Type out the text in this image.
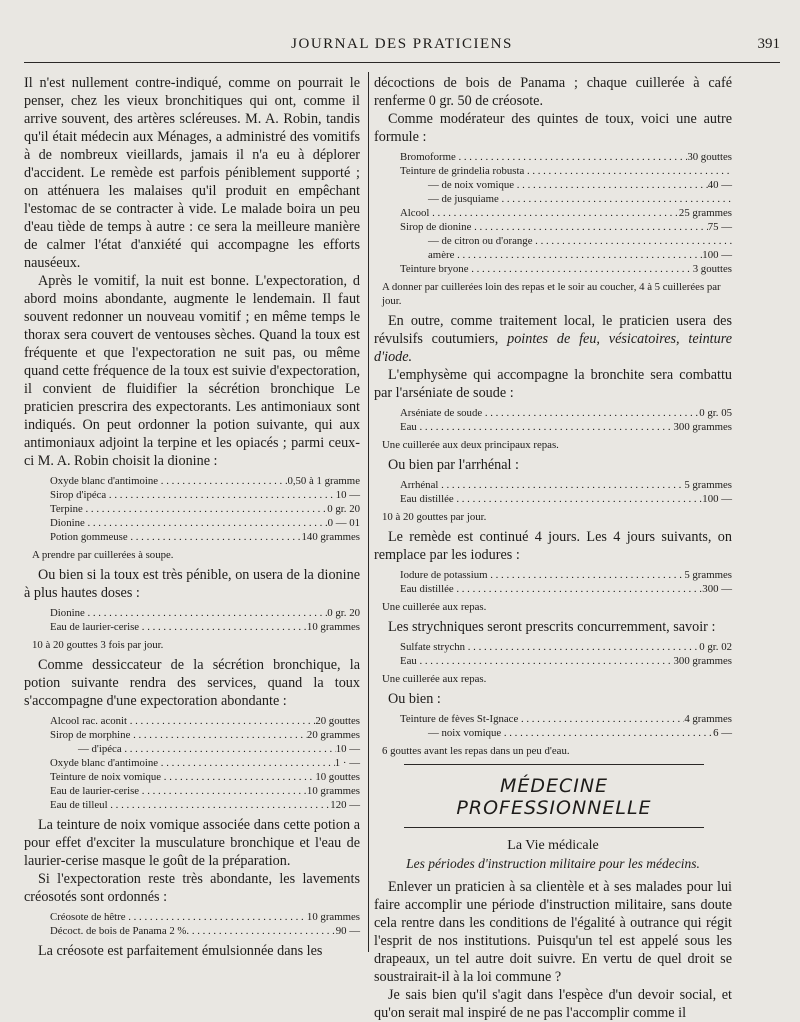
JOURNAL DES PRATICIENS	391

Il n'est nullement contre-indiqué, comme on pourrait le penser, chez les vieux bronchitiques qui ont, comme il arrive souvent, des artères scléreuses. M. A. Robin, tandis qu'il était médecin aux Ménages, a administré des vomitifs à de nombreux vieillards, jamais il n'a eu à déplorer d'accident. Le remède est parfois péniblement supporté ; on atténuera les malaises qu'il produit en empêchant l'estomac de se contracter à vide. Le malade boira un peu d'eau tiède de temps à autre : ce sera la meilleure manière de calmer l'état d'anxiété qui accompagne les efforts nauséeux.

Après le vomitif, la nuit est bonne. L'expectoration, d abord moins abondante, augmente le lendemain. Il faut souvent redonner un nouveau vomitif ; en même temps le thorax sera couvert de ventouses sèches. Quand la toux est fréquente et que l'expectoration ne suit pas, ou même quand cette fréquence de la toux est suivie d'expectoration, il convient de fluidifier la sécrétion bronchique Le praticien prescrira des expectorants. Les antimoniaux sont indiqués. On peut ordonner la potion suivante, qui aux antimoniaux adjoint la terpine et les opiacés ; parmi ceux-ci M. A. Robin choisit la dionine :

Oxyde blanc d'antimoine . . .	0,50 à 1 gramme
Sirop d'ipéca . . .	10 —
Terpine . . .	0 gr. 20
Dionine . . .	0 — 01
Potion gommeuse . . .	140 grammes
A prendre par cuillerées à soupe.

Ou bien si la toux est très pénible, on usera de la dionine à plus hautes doses :

Dionine . . .	0 gr. 20
Eau de laurier-cerise . . .	10 grammes
10 à 20 gouttes 3 fois par jour.

Comme dessiccateur de la sécrétion bronchique, la potion suivante rendra des services, quand la toux s'accompagne d'une expectoration abondante :

Alcool rac. aconit . . .	20 gouttes
Sirop de morphine . . .	20 grammes
— d'ipéca . . .	10 —
Oxyde blanc d'antimoine . . .	1 · —
Teinture de noix vomique . . .	10 gouttes
Eau de laurier-cerise . . .	10 grammes
Eau de tilleul . . .	120 —

La teinture de noix vomique associée dans cette potion a pour effet d'exciter la musculature bronchique et l'eau de laurier-cerise masque le goût de la préparation.

Si l'expectoration reste très abondante, les lavements créosotés sont ordonnés :

Créosote de hêtre . . .	10 grammes
Décoct. de bois de Panama 2 %. . . .	90 —

La créosote est parfaitement émulsionnée dans les

décoctions de bois de Panama ; chaque cuillerée à café renferme 0 gr. 50 de créosote.

Comme modérateur des quintes de toux, voici une autre formule :

Bromoforme . . .	30 gouttes
Teinture de grindelia robusta . . .
— de noix vomique . . .	40 —
— de jusquiame . . .
Alcool . . .	25 grammes
Sirop de dionine . . .	75 —
— de citron ou d'orange . . .
amère . . .	100 —
Teinture bryone . . .	3 gouttes
A donner par cuillerées loin des repas et le soir au coucher, 4 à 5 cuillerées par jour.

En outre, comme traitement local, le praticien usera des révulsifs coutumiers, pointes de feu, vésicatoires, teinture d'iode.

L'emphysème qui accompagne la bronchite sera combattu par l'arséniate de soude :

Arséniate de soude . . .	0 gr. 05
Eau . . .	300 grammes
Une cuillerée aux deux principaux repas.

Ou bien par l'arrhénal :

Arrhénal . . .	5 grammes
Eau distillée . . .	100 —
10 à 20 gouttes par jour.

Le remède est continué 4 jours. Les 4 jours suivants, on remplace par les iodures :

Iodure de potassium . . .	5 grammes
Eau distillée . . .	300 —
Une cuillerée aux repas.

Les strychniques seront prescrits concurremment, savoir :

Sulfate strychn . . .	0 gr. 02
Eau . . .	300 grammes
Une cuillerée aux repas.

Ou bien :

Teinture de fèves St-Ignace . . .	4 grammes
— noix vomique . . .	6 —
6 gouttes avant les repas dans un peu d'eau.
MÉDECINE PROFESSIONNELLE
La Vie médicale
Les périodes d'instruction militaire pour les médecins.

Enlever un praticien à sa clientèle et à ses malades pour lui faire accomplir une période d'instruction militaire, sans doute cela rentre dans les conditions de l'égalité à outrance qui régit l'esprit de nos institutions. Puisqu'un tel est appelé sous les drapeaux, un tel autre doit suivre. En vertu de quel droit se soustrairait-il à la loi commune ?

Je sais bien qu'il s'agit dans l'espèce d'un devoir social, et qu'on serait mal inspiré de ne pas l'accomplir comme il
